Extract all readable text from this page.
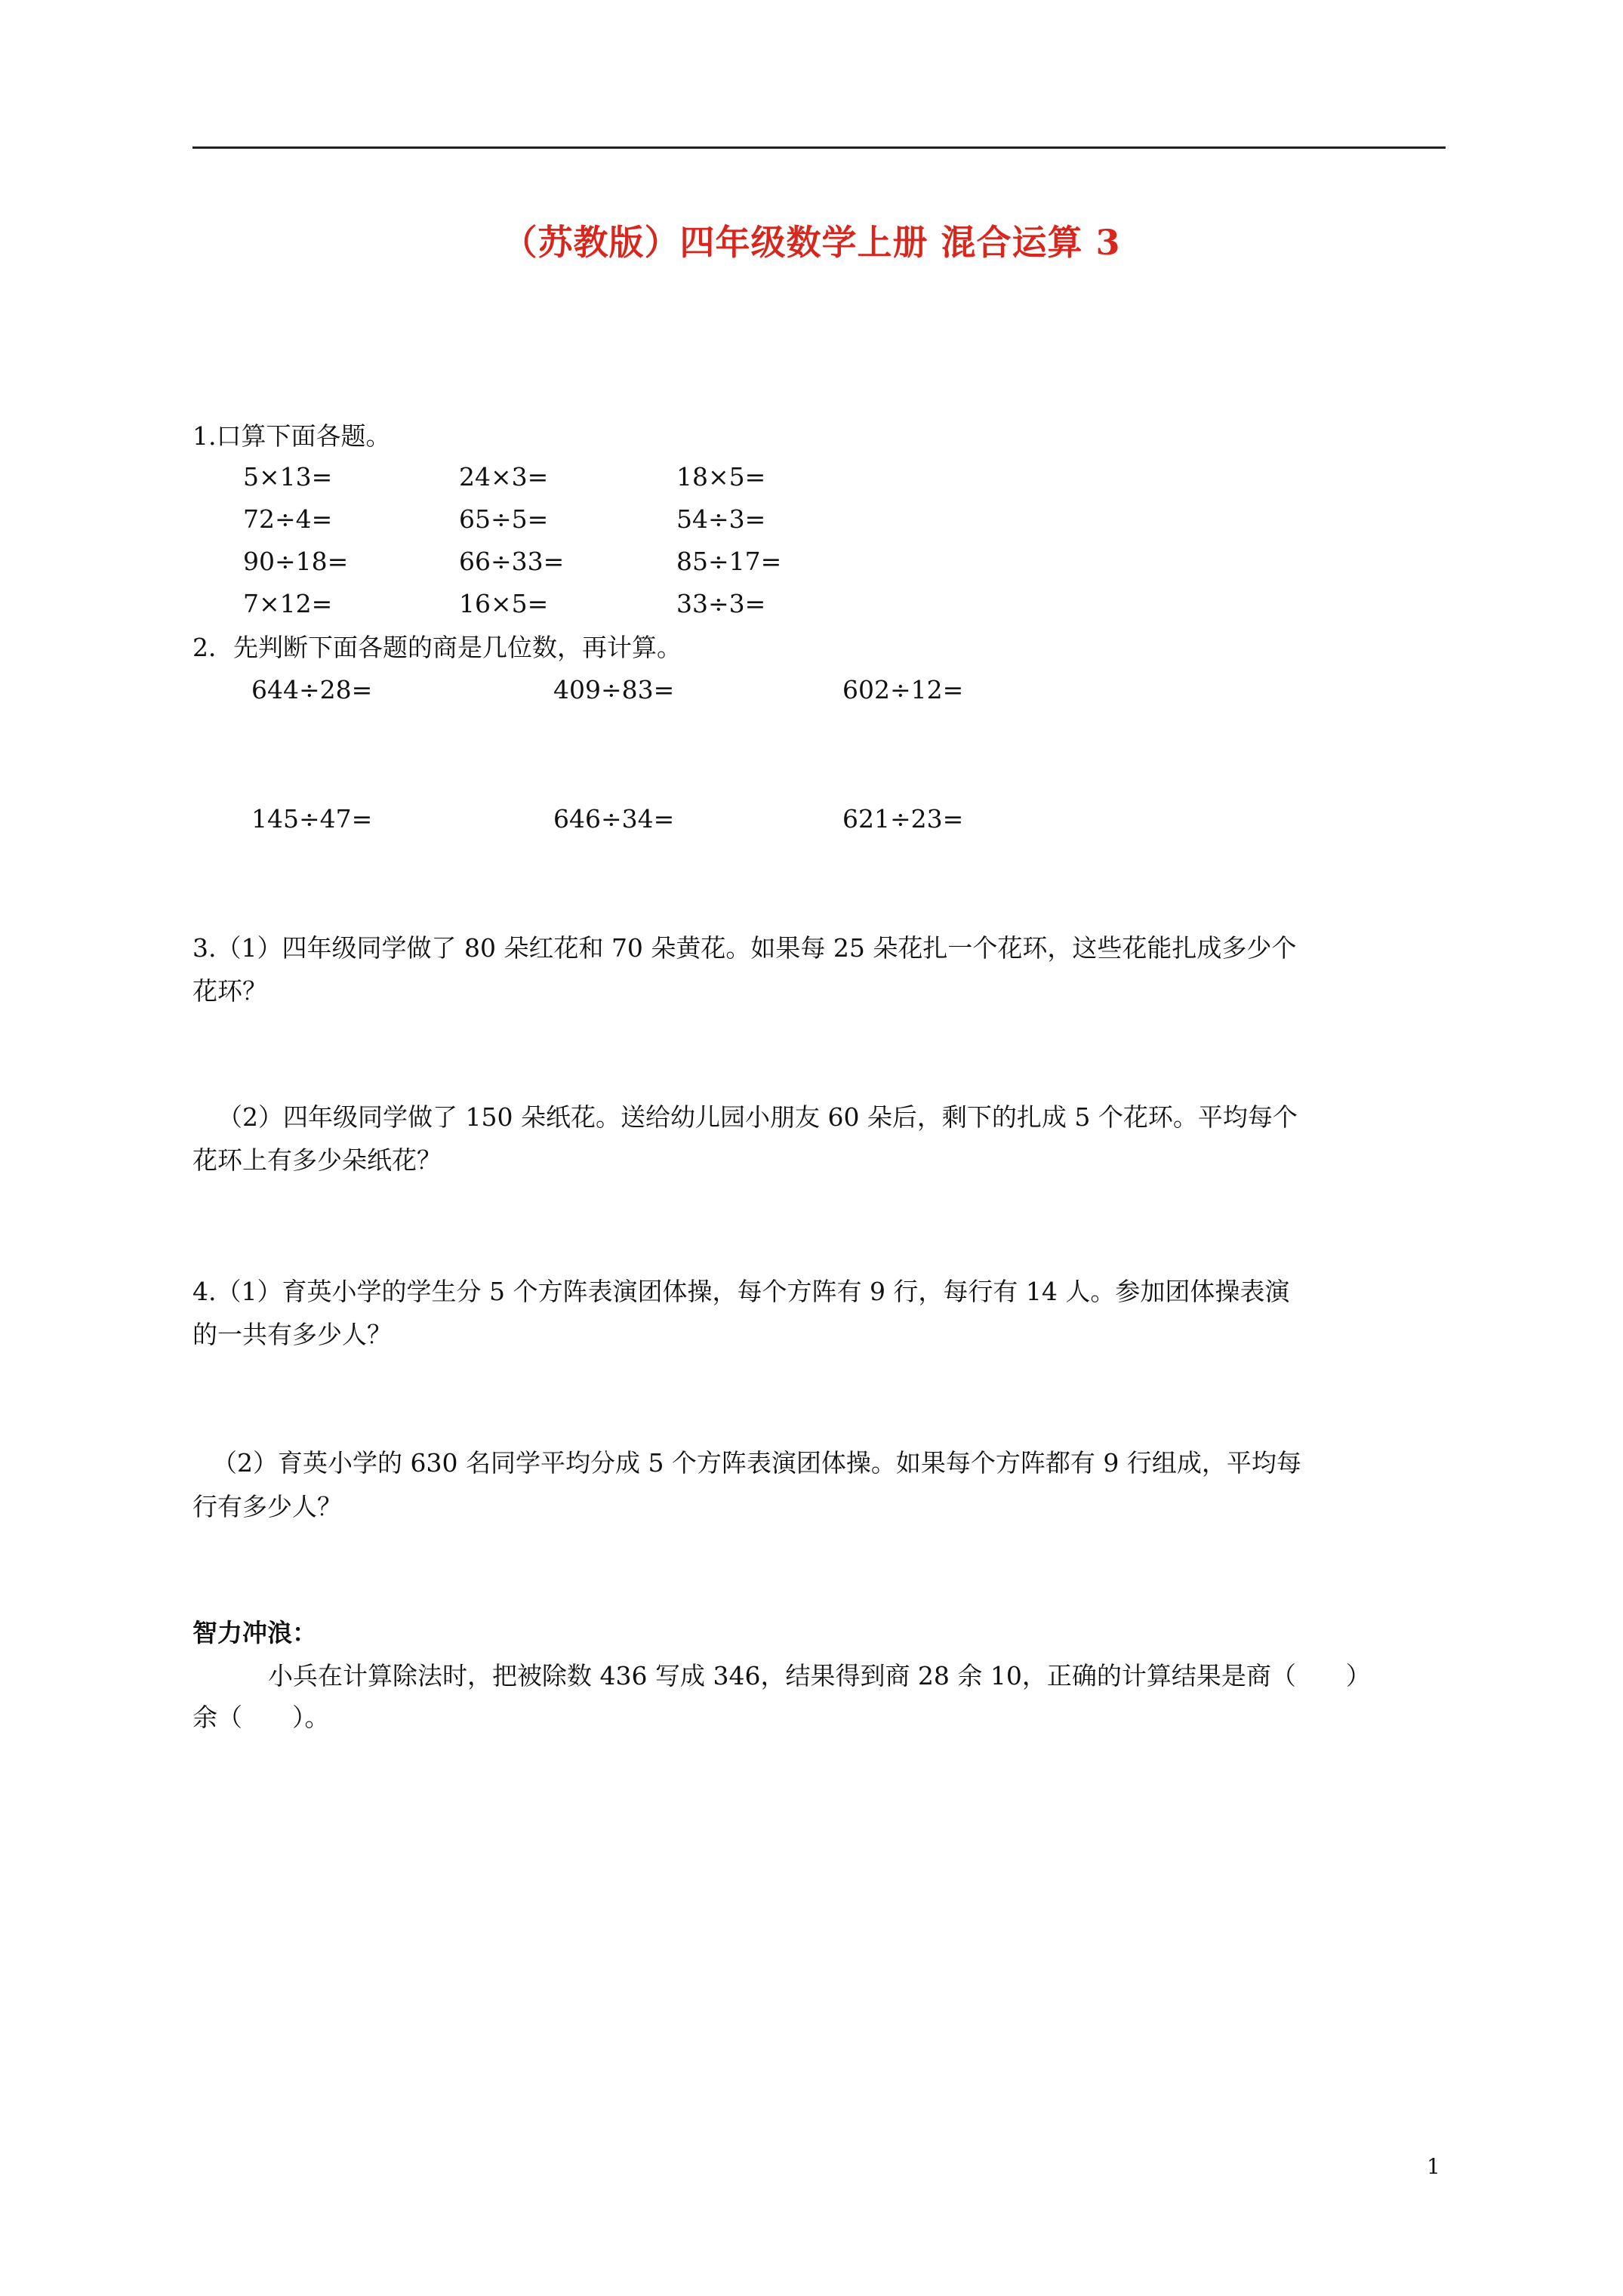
（苏教版）四年级数学上册 混合运算 3
1.口算下面各题。
5×13=	24×3=	18×5=
72÷4=	65÷5=	54÷3=
90÷18=	66÷33=	85÷17=
7×12=	16×5=	33÷3=
2．先判断下面各题的商是几位数，再计算。
644÷28=	409÷83=	602÷12=
145÷47=	646÷34=	621÷23=
3.（1）四年级同学做了 80 朵红花和 70 朵黄花。如果每 25 朵花扎一个花环，这些花能扎成多少个
花环？
（2）四年级同学做了 150 朵纸花。送给幼儿园小朋友 60 朵后，剩下的扎成 5 个花环。平均每个
花环上有多少朵纸花？
4.（1）育英小学的学生分 5 个方阵表演团体操，每个方阵有 9 行，每行有 14 人。参加团体操表演
的一共有多少人？
（2）育英小学的 630 名同学平均分成 5 个方阵表演团体操。如果每个方阵都有 9 行组成，平均每
行有多少人？
智力冲浪：
小兵在计算除法时，把被除数 436 写成 346，结果得到商 28 余 10，正确的计算结果是商（　　）
余（　　）。
1
